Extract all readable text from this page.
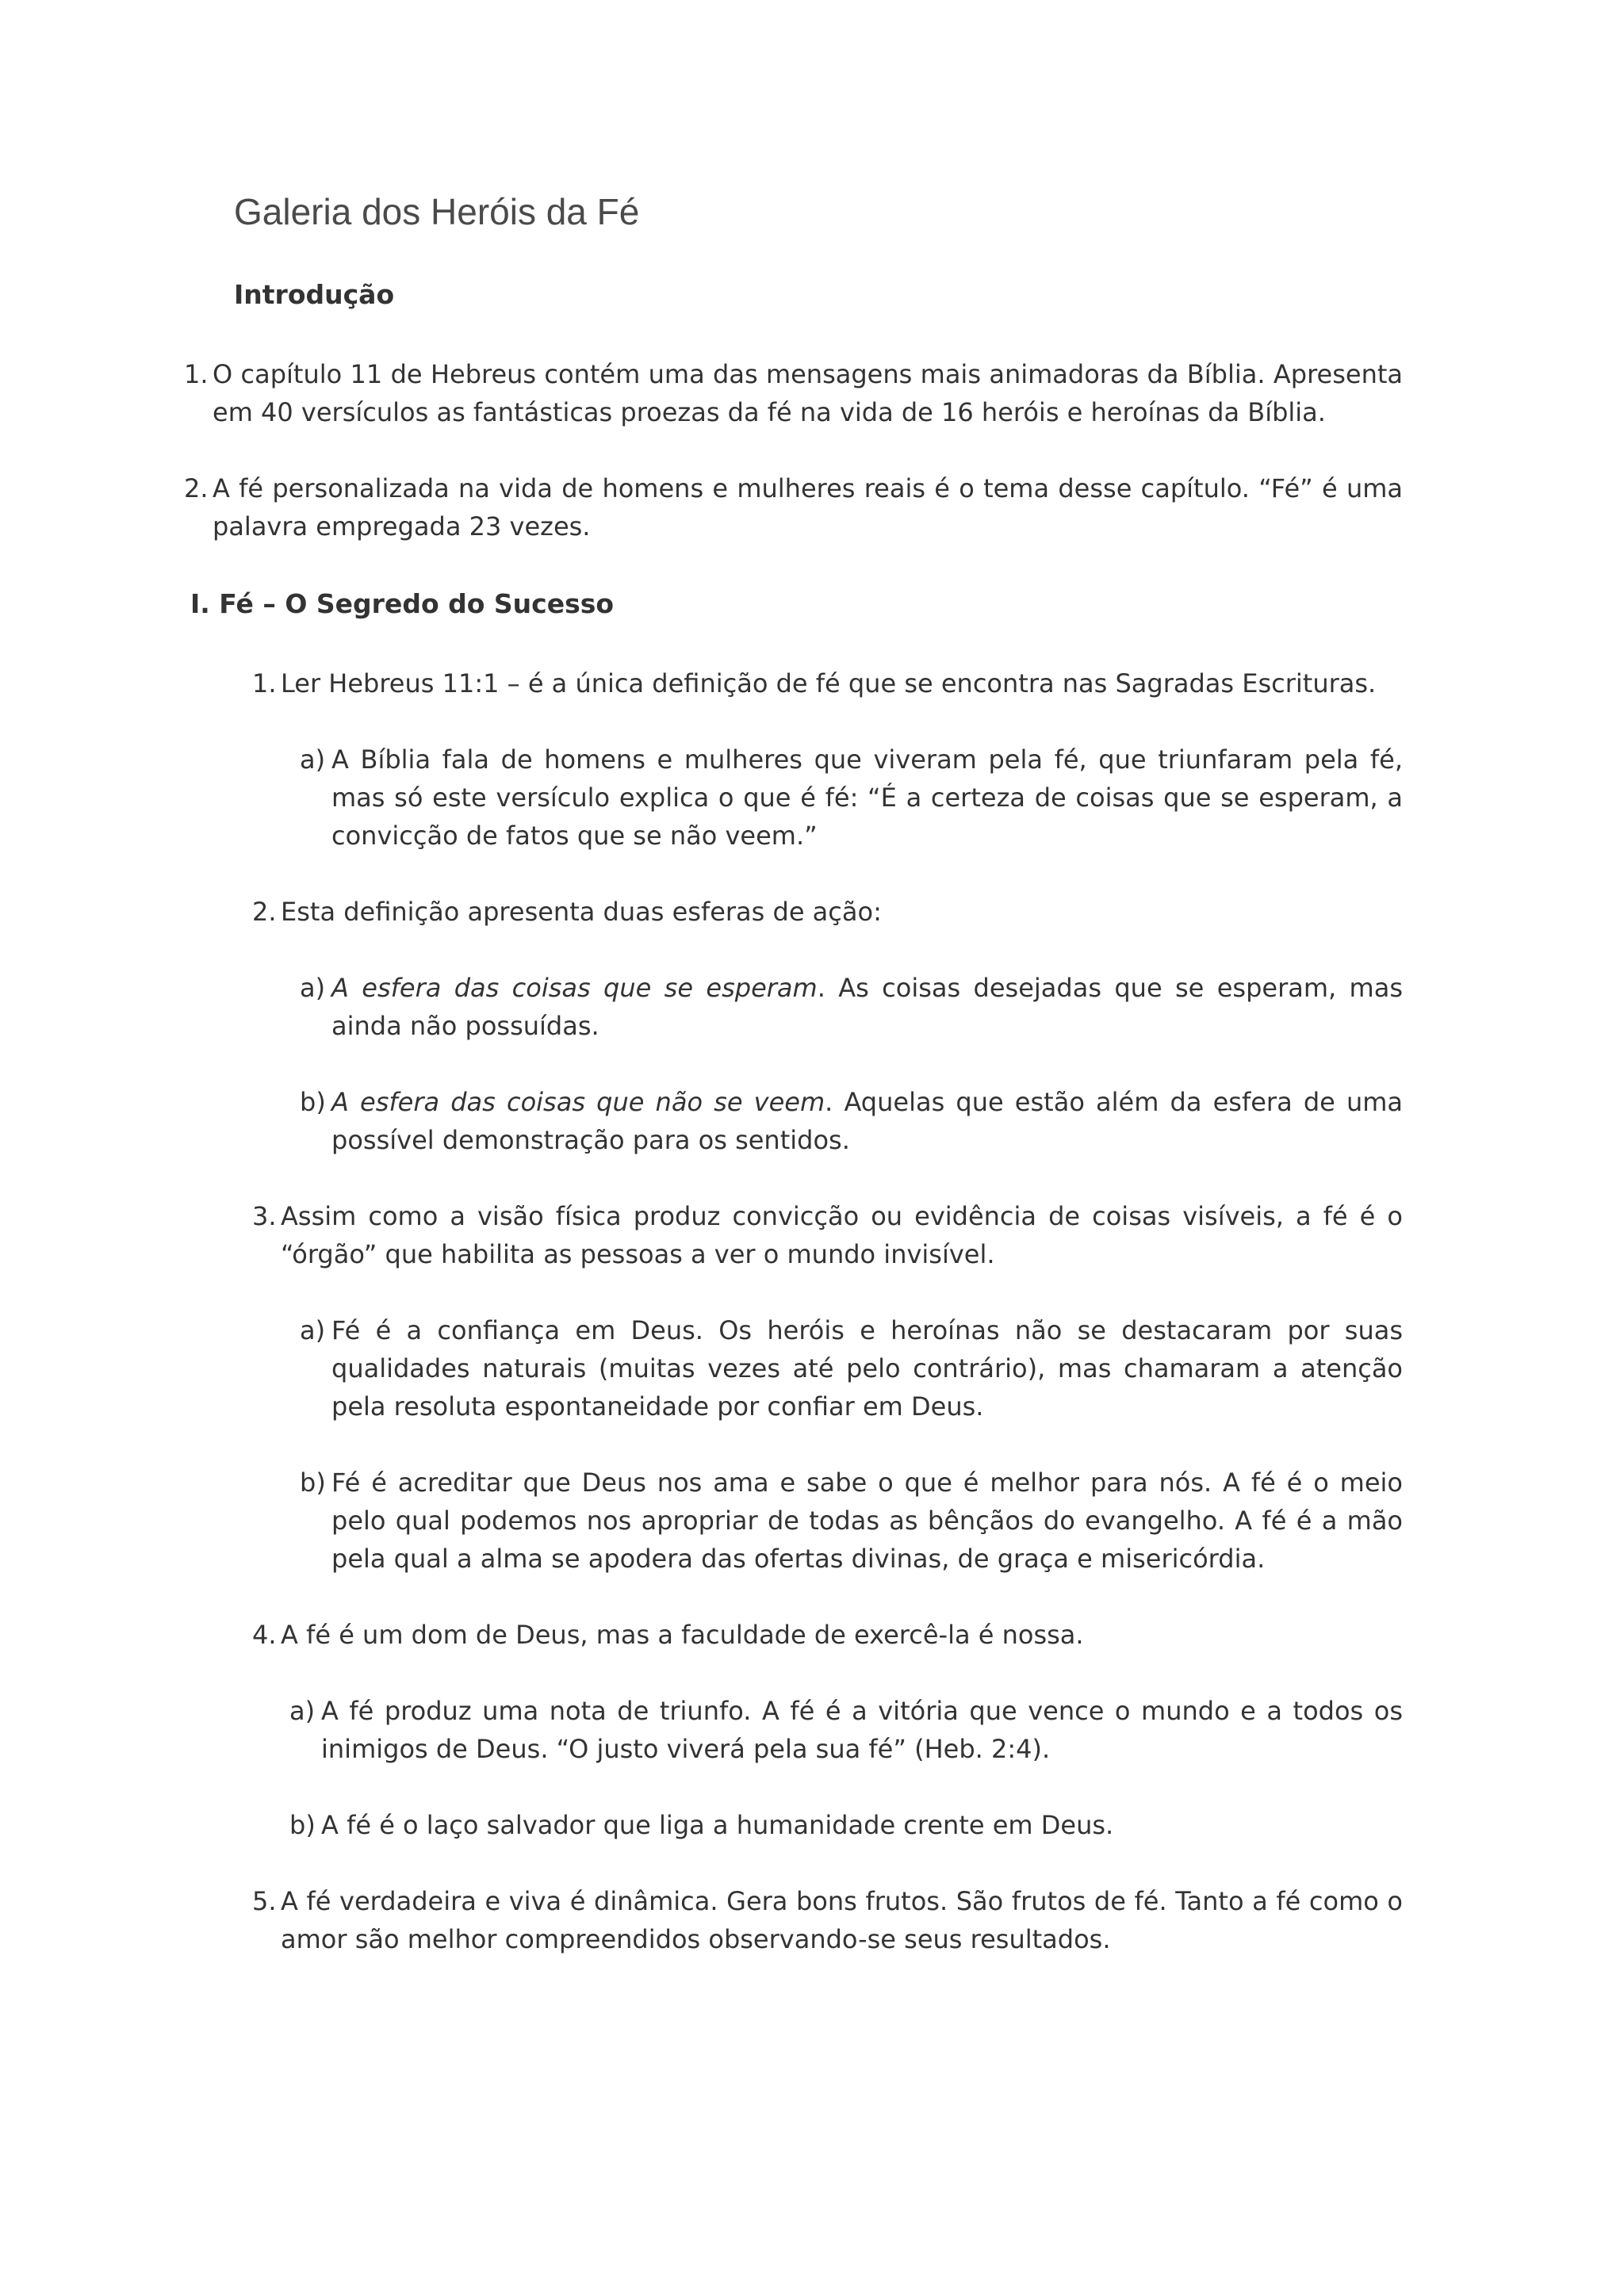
Galeria dos Heróis da Fé
Introdução
1. O capítulo 11 de Hebreus contém uma das mensagens mais animadoras da Bíblia. Apresenta em 40 versículos as fantásticas proezas da fé na vida de 16 heróis e heroínas da Bíblia.
2. A fé personalizada na vida de homens e mulheres reais é o tema desse capítulo. “Fé” é uma palavra empregada 23 vezes.
I. Fé – O Segredo do Sucesso
1. Ler Hebreus 11:1 – é a única definição de fé que se encontra nas Sagradas Escrituras.
a) A Bíblia fala de homens e mulheres que viveram pela fé, que triunfaram pela fé, mas só este versículo explica o que é fé: “É a certeza de coisas que se esperam, a convicção de fatos que se não veem.”
2. Esta definição apresenta duas esferas de ação:
a) A esfera das coisas que se esperam. As coisas desejadas que se esperam, mas ainda não possuídas.
b) A esfera das coisas que não se veem. Aquelas que estão além da esfera de uma possível demonstração para os sentidos.
3. Assim como a visão física produz convicção ou evidência de coisas visíveis, a fé é o “órgão” que habilita as pessoas a ver o mundo invisível.
a) Fé é a confiança em Deus. Os heróis e heroínas não se destacaram por suas qualidades naturais (muitas vezes até pelo contrário), mas chamaram a atenção pela resoluta espontaneidade por confiar em Deus.
b) Fé é acreditar que Deus nos ama e sabe o que é melhor para nós. A fé é o meio pelo qual podemos nos apropriar de todas as bênçãos do evangelho. A fé é a mão pela qual a alma se apodera das ofertas divinas, de graça e misericórdia.
4. A fé é um dom de Deus, mas a faculdade de exercê-la é nossa.
a) A fé produz uma nota de triunfo. A fé é a vitória que vence o mundo e a todos os inimigos de Deus. “O justo viverá pela sua fé” (Heb. 2:4).
b) A fé é o laço salvador que liga a humanidade crente em Deus.
5. A fé verdadeira e viva é dinâmica. Gera bons frutos. São frutos de fé. Tanto a fé como o amor são melhor compreendidos observando-se seus resultados.
